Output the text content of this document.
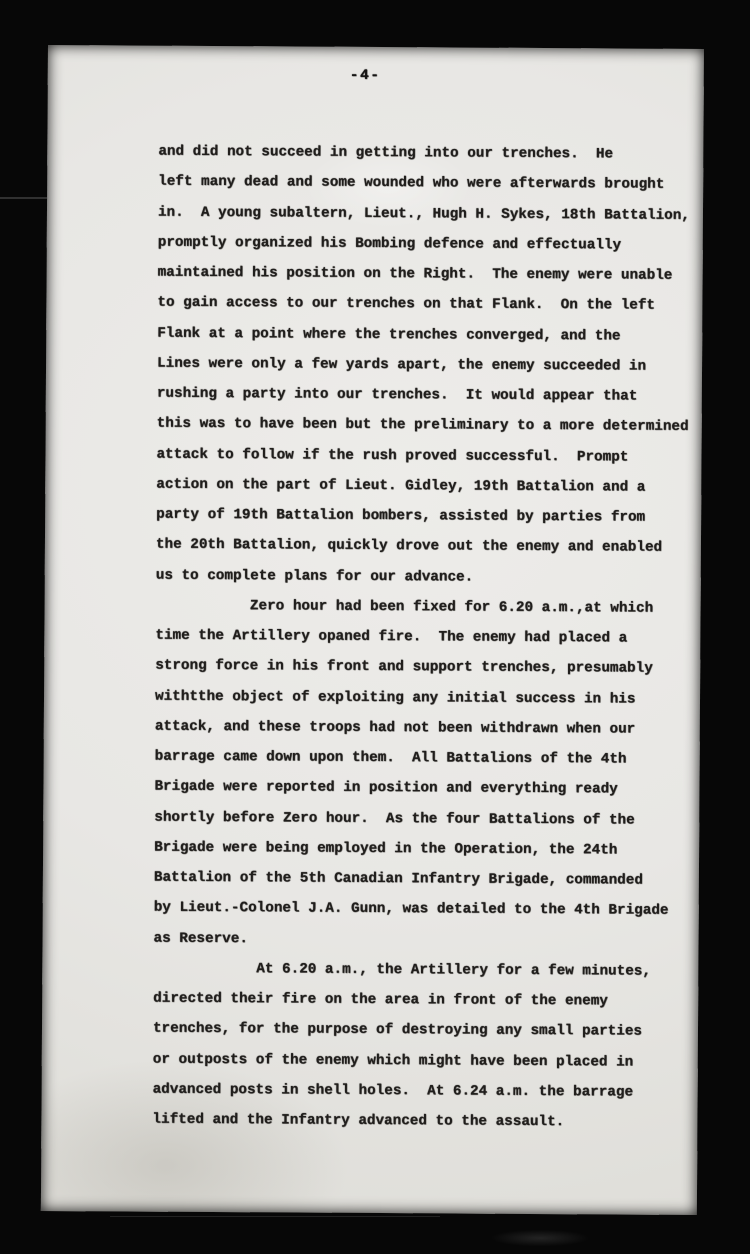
-4-
and did not succeed in getting into our trenches.  He
left many dead and some wounded who were afterwards brought
in.  A young subaltern, Lieut., Hugh H. Sykes, 18th Battalion,
promptly organized his Bombing defence and effectually
maintained his position on the Right.  The enemy were unable
to gain access to our trenches on that Flank.  On the left
Flank at a point where the trenches converged, and the
Lines were only a few yards apart, the enemy succeeded in
rushing a party into our trenches.  It would appear that
this was to have been but the preliminary to a more determined
attack to follow if the rush proved successful.  Prompt
action on the part of Lieut. Gidley, 19th Battalion and a
party of 19th Battalion bombers, assisted by parties from
the 20th Battalion, quickly drove out the enemy and enabled
us to complete plans for our advance.
Zero hour had been fixed for 6.20 a.m.,at which
time the Artillery opaned fire.  The enemy had placed a
strong force in his front and support trenches, presumably
withtthe object of exploiting any initial success in his
attack, and these troops had not been withdrawn when our
barrage came down upon them.  All Battalions of the 4th
Brigade were reported in position and everything ready
shortly before Zero hour.  As the four Battalions of the
Brigade were being employed in the Operation, the 24th
Battalion of the 5th Canadian Infantry Brigade, commanded
by Lieut.-Colonel J.A. Gunn, was detailed to the 4th Brigade
as Reserve.
At 6.20 a.m., the Artillery for a few minutes,
directed their fire on the area in front of the enemy
trenches, for the purpose of destroying any small parties
or outposts of the enemy which might have been placed in
advanced posts in shell holes.  At 6.24 a.m. the barrage
lifted and the Infantry advanced to the assault.
